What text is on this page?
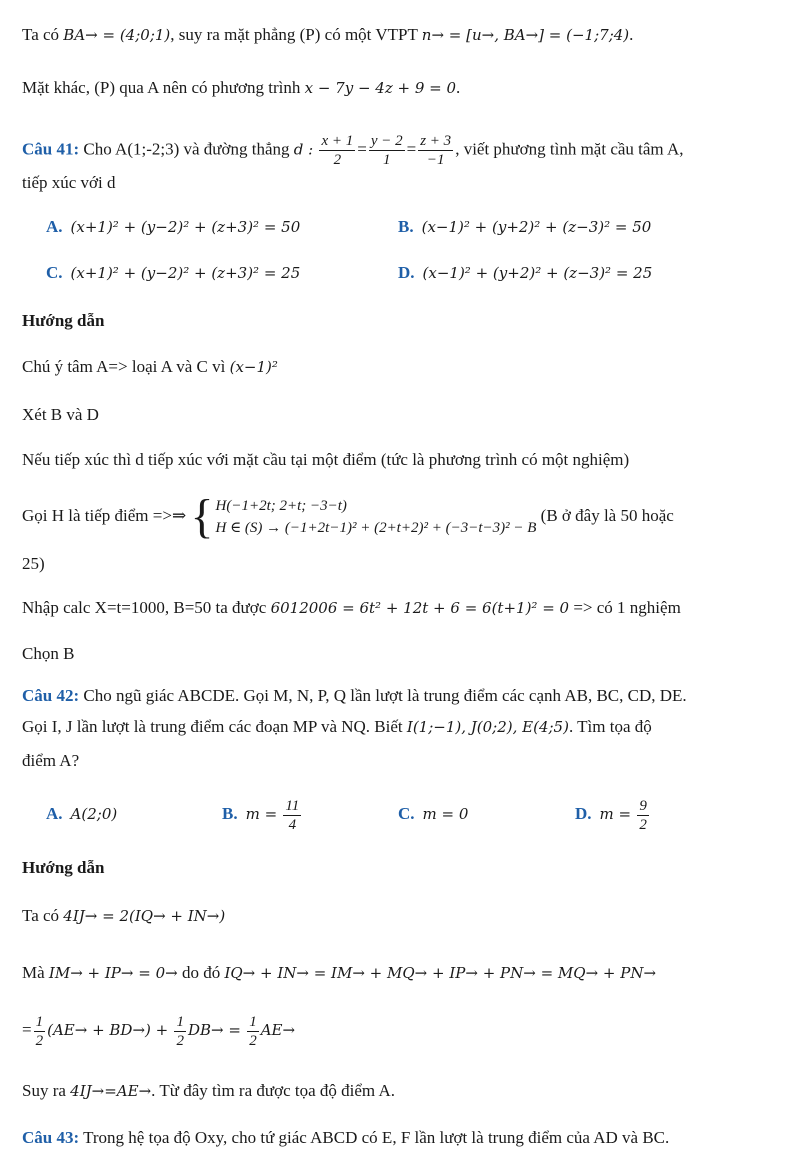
Ta có BA→ = (4;0;1), suy ra mặt phẳng (P) có một VTPT n→ = [u→, BA→] = (−1;7;4).
Mặt khác, (P) qua A nên có phương trình x − 7y − 4z + 9 = 0.
Câu 41: Cho A(1;-2;3) và đường thẳng d : $\frac{x + 1}{2} = \frac{y - 2}{1} = \frac{z + 3}{-1}$ , viết phương tình mặt cầu tâm A,
tiếp xúc với d
A. (x+1)² + (y−2)² + (z+3)² = 50	B. (x−1)² + (y+2)² + (z−3)² = 50
C. (x+1)² + (y−2)² + (z+3)² = 25	D. (x−1)² + (y+2)² + (z−3)² = 25
Hướng dẫn
Chú ý tâm A=> loại A và C vì (x−1)²
Xét B và D
Nếu tiếp xúc thì d tiếp xúc với mặt cầu tại một điểm (tức là phương trình có một nghiệm)
Gọi H là tiếp điểm =>⇒ { H(−1+2t; 2+t; −3−t)
H ∈ (S) → (−1+2t−1)² + (2+t+2)² + (−3−t−3)² − B
(B ở đây là 50 hoặc
25)
Nhập calc X=t=1000, B=50 ta được 6012006 = 6t² + 12t + 6 = 6(t+1)² = 0 => có 1 nghiệm
Chọn B
Câu 42: Cho ngũ giác ABCDE. Gọi M, N, P, Q lần lượt là trung điểm các cạnh AB, BC, CD, DE.
Gọi I, J lần lượt là trung điểm các đoạn MP và NQ. Biết I(1;−1), J(0;2), E(4;5). Tìm tọa độ
điểm A?
A. A(2;0)	B. $m = \frac{11}{4}$	C. m = 0	D. $m = \frac{9}{2}$
Hướng dẫn
Ta có 4IJ→ = 2(IQ→ + IN→)
Mà IM→ + IP→ = 0→ do đó IQ→ + IN→ = IM→ + MQ→ + IP→ + PN→ = MQ→ + PN→
= $\frac{1}{2} (AE\to + BD\to) + \frac{1}{2} DB\to = \frac{1}{2} AE\to$
Suy ra 4IJ→=AE→. Từ đây tìm ra được tọa độ điểm A.
Câu 43: Trong hệ tọa độ Oxy, cho tứ giác ABCD có E, F lần lượt là trung điểm của AD và BC.
